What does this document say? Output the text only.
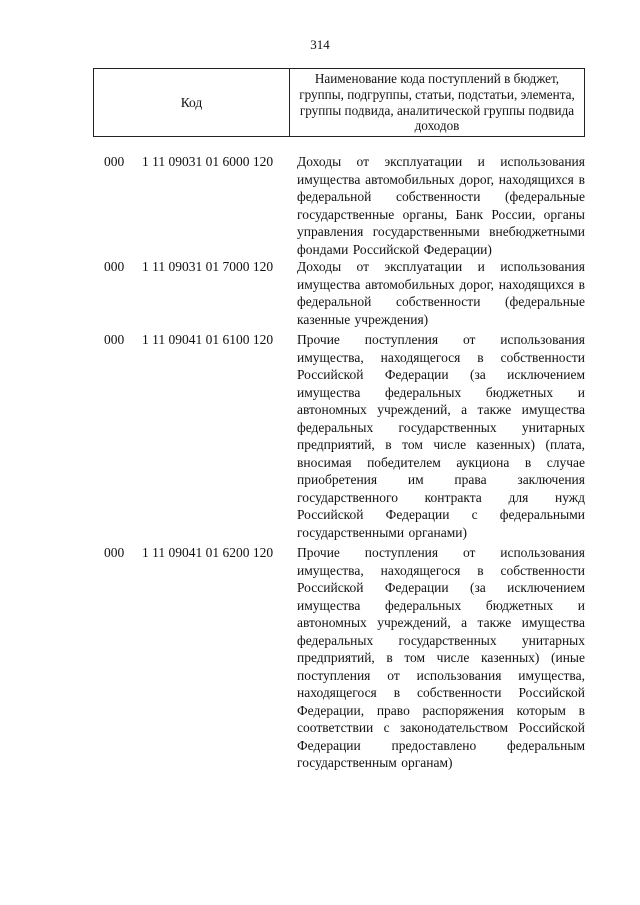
314
Код
Наименование кода поступлений в бюджет, группы, подгруппы, статьи, подстатьи, элемента, группы подвида, аналитической группы подвида доходов
000 1 11 09031 01 6000 120 Доходы от эксплуатации и использования имущества автомобильных дорог, находящихся в федеральной собственности (федеральные государственные органы, Банк России, органы управления государственными внебюджетными фондами Российской Федерации)
000 1 11 09031 01 7000 120 Доходы от эксплуатации и использования имущества автомобильных дорог, находящихся в федеральной собственности (федеральные казенные учреждения)
000 1 11 09041 01 6100 120 Прочие поступления от использования имущества, находящегося в собственности Российской Федерации (за исключением имущества федеральных бюджетных и автономных учреждений, а также имущества федеральных государственных унитарных предприятий, в том числе казенных) (плата, вносимая победителем аукциона в случае приобретения им права заключения государственного контракта для нужд Российской Федерации с федеральными государственными органами)
000 1 11 09041 01 6200 120 Прочие поступления от использования имущества, находящегося в собственности Российской Федерации (за исключением имущества федеральных бюджетных и автономных учреждений, а также имущества федеральных государственных унитарных предприятий, в том числе казенных) (иные поступления от использования имущества, находящегося в собственности Российской Федерации, право распоряжения которым в соответствии с законодательством Российской Федерации предоставлено федеральным государственным органам)
